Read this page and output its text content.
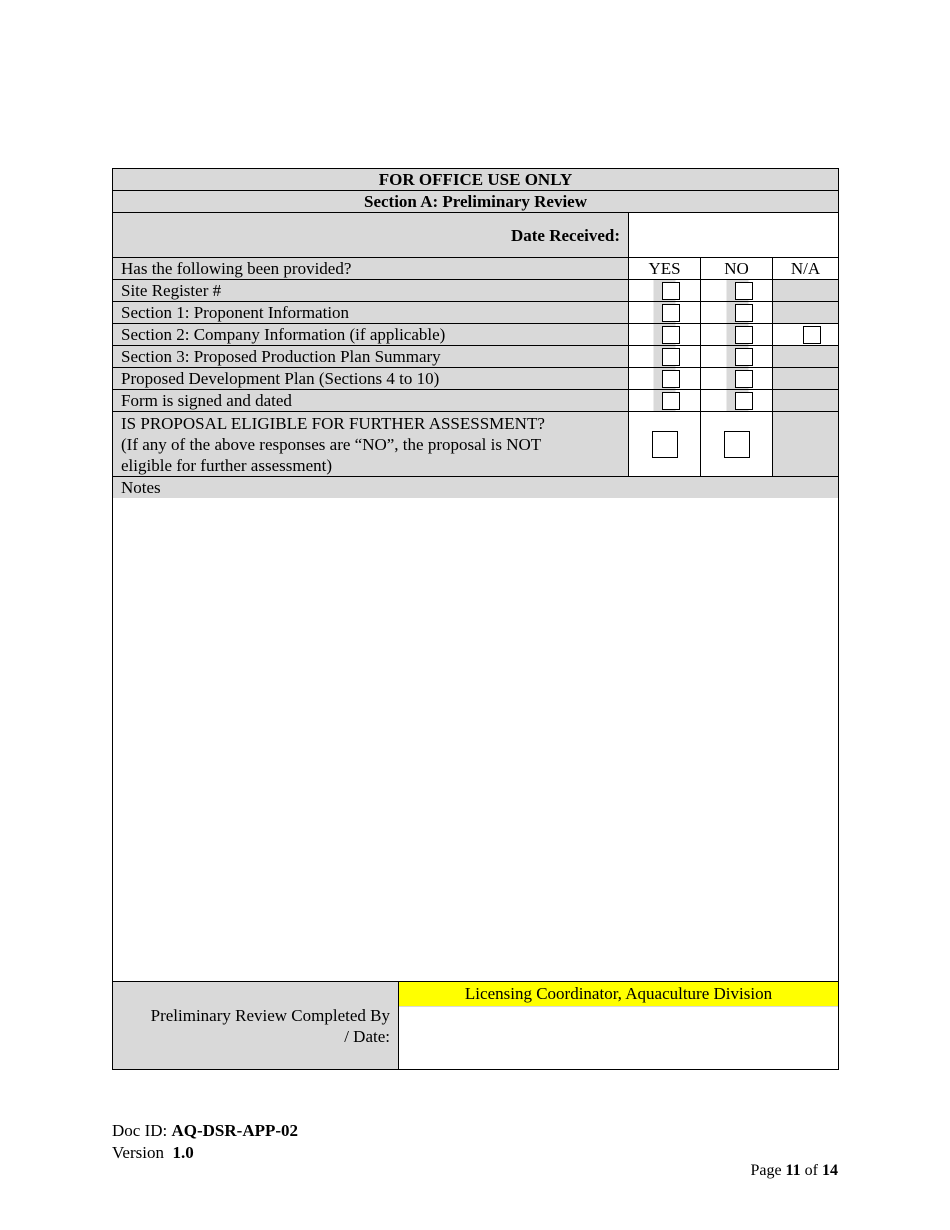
FOR OFFICE USE ONLY				
Section A: Preliminary Review				
Date Received:				
Has the following been provided?		YES	NO	N/A
Site Register #		

Section 1: Proponent Information		

Section 2: Company Information (if applicable)		

Section 3: Proposed Production Plan Summary		

Proposed Development Plan (Sections 4 to 10)		

Form is signed and dated		

IS PROPOSAL ELIGIBLE FOR FURTHER ASSESSMENT?
(If any of the above responses are “NO”, the proposal is NOT
eligible for further assessment)				

Notes				

Preliminary Review Completed By
/ Date:	Licensing Coordinator, Aquaculture Division			
Doc ID: AQ-DSR-APP-02
Version 1.0
Page 11 of 14
